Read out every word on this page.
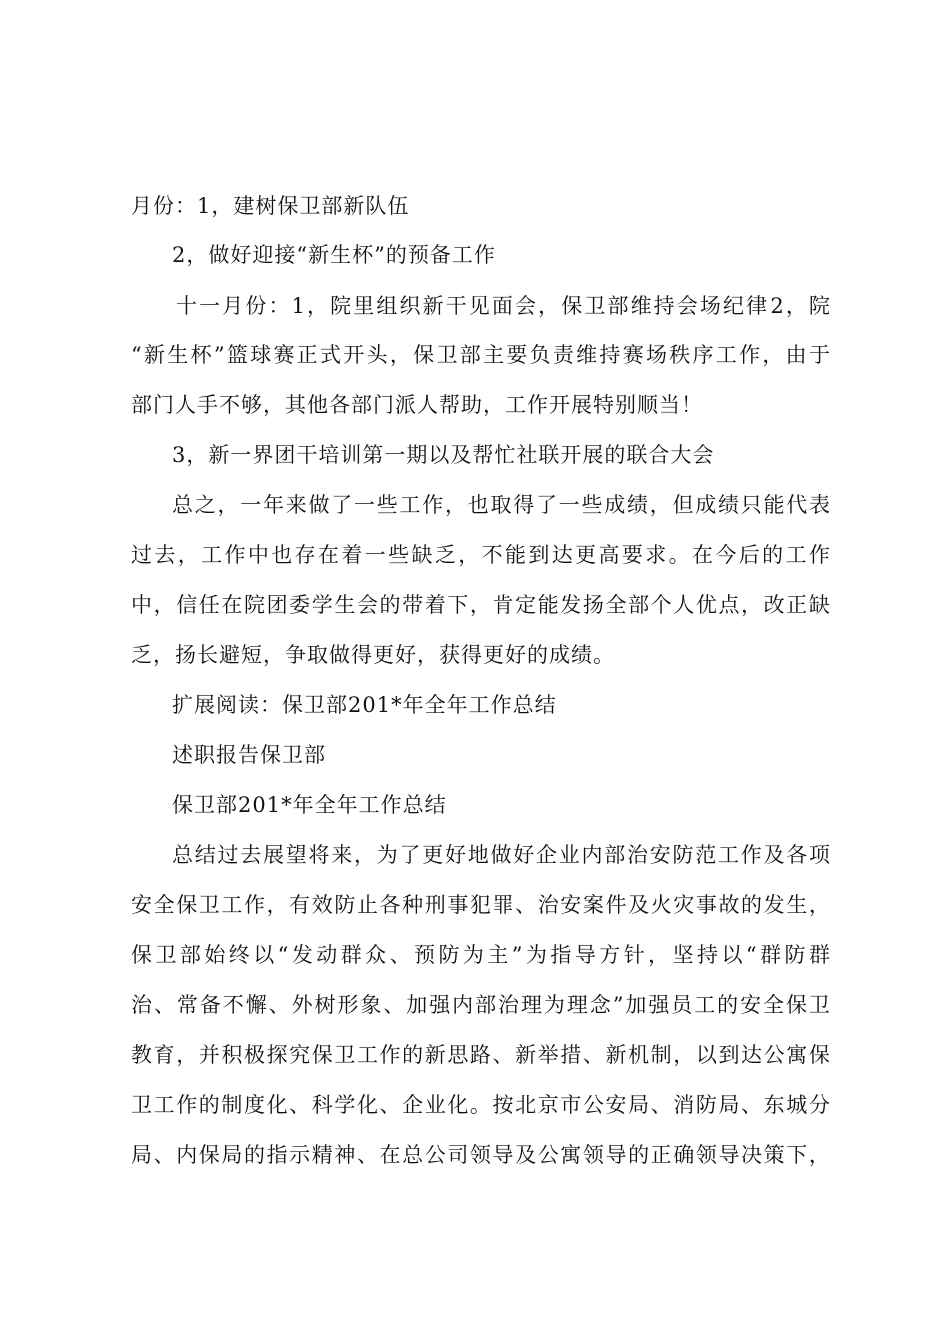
月份：1，建树保卫部新队伍
2，做好迎接“新生杯”的预备工作
十 一 月 份 ： 1 ， 院 里 组 织 新 干 见 面 会 ， 保 卫 部 维 持 会 场 纪 律 2 ， 院
“ 新 生 杯 ” 篮 球 赛 正 式 开 头 ， 保 卫 部 主 要 负 责 维 持 赛 场 秩 序 工 作 ， 由 于
部门人手不够，其他各部门派人帮助，工作开展特别顺当！
3，新一界团干培训第一期以及帮忙社联开展的联合大会
总 之 ， 一 年 来 做 了 一 些 工 作 ， 也 取 得 了 一 些 成 绩 ， 但 成 绩 只 能 代 表
过 去 ， 工 作 中 也 存 在 着 一 些 缺 乏 ， 不 能 到 达 更 高 要 求 。 在 今 后 的 工 作
中 ， 信 任 在 院 团 委 学 生 会 的 带 着 下 ， 肯 定 能 发 扬 全 部 个 人 优 点 ， 改 正 缺
乏，扬长避短，争取做得更好，获得更好的成绩。
扩展阅读：保卫部201*年全年工作总结
述职报告保卫部
保卫部201*年全年工作总结
总 结 过 去 展 望 将 来 ， 为 了 更 好 地 做 好 企 业 内 部 治 安 防 范 工 作 及 各 项
安 全 保 卫 工 作 ， 有 效 防 止 各 种 刑 事 犯 罪 、 治 安 案 件 及 火 灾 事 故 的 发 生 ，
保 卫 部 始 终 以 “ 发 动 群 众 、 预 防 为 主 ” 为 指 导 方 针 ， 坚 持 以 “ 群 防 群
治 、 常 备 不 懈 、 外 树 形 象 、 加 强 内 部 治 理 为 理 念 ” 加 强 员 工 的 安 全 保 卫
教 育 ， 并 积 极 探 究 保 卫 工 作 的 新 思 路 、 新 举 措 、 新 机 制 ， 以 到 达 公 寓 保
卫 工 作 的 制 度 化 、 科 学 化 、 企 业 化 。 按 北 京 市 公 安 局 、 消 防 局 、 东 城 分
局 、 内 保 局 的 指 示 精 神 、 在 总 公 司 领 导 及 公 寓 领 导 的 正 确 领 导 决 策 下 ，
